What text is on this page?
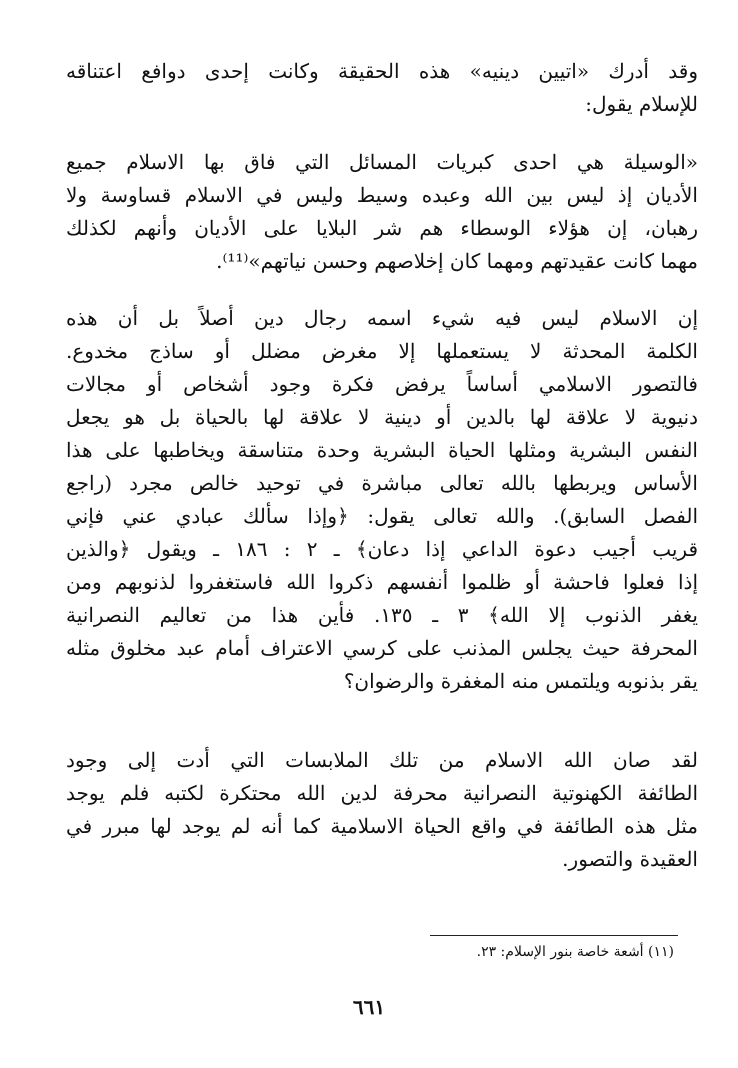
وقد أدرك «اتيين دينيه» هذه الحقيقة وكانت إحدى دوافع اعتناقه
للإسلام يقول:

«الوسيلة هي احدى كبريات المسائل التي فاق بها الاسلام جميع
الأديان إذ ليس بين الله وعبده وسيط وليس في الاسلام قساوسة ولا
رهبان، إن هؤلاء الوسطاء هم شر البلايا على الأديان وأنهم لكذلك
مهما كانت عقيدتهم ومهما كان إخلاصهم وحسن نياتهم»⁽¹¹⁾.

إن الاسلام ليس فيه شيء اسمه رجال دين أصلاً بل أن هذه
الكلمة المحدثة لا يستعملها إلا مغرض مضلل أو ساذج مخدوع.
فالتصور الاسلامي أساساً يرفض فكرة وجود أشخاص أو مجالات
دنيوية لا علاقة لها بالدين أو دينية لا علاقة لها بالحياة بل هو يجعل
النفس البشرية ومثلها الحياة البشرية وحدة متناسقة ويخاطبها على هذا
الأساس ويربطها بالله تعالى مباشرة في توحيد خالص مجرد (راجع
الفصل السابق). والله تعالى يقول: ﴿وإذا سألك عبادي عني فإني
قريب أجيب دعوة الداعي إذا دعان﴾ ـ ٢ : ١٨٦ ـ ويقول ﴿والذين
إذا فعلوا فاحشة أو ظلموا أنفسهم ذكروا الله فاستغفروا لذنوبهم ومن
يغفر الذنوب إلا الله﴾ ٣ ـ ١٣٥. فأين هذا من تعاليم النصرانية
المحرفة حيث يجلس المذنب على كرسي الاعتراف أمام عبد مخلوق مثله
يقر بذنوبه ويلتمس منه المغفرة والرضوان؟

لقد صان الله الاسلام من تلك الملابسات التي أدت إلى وجود
الطائفة الكهنوتية النصرانية محرفة لدين الله محتكرة لكتبه فلم يوجد
مثل هذه الطائفة في واقع الحياة الاسلامية كما أنه لم يوجد لها مبرر في
العقيدة والتصور.

(١١) أشعة خاصة بنور الإسلام: ٢٣.
٦٦١
